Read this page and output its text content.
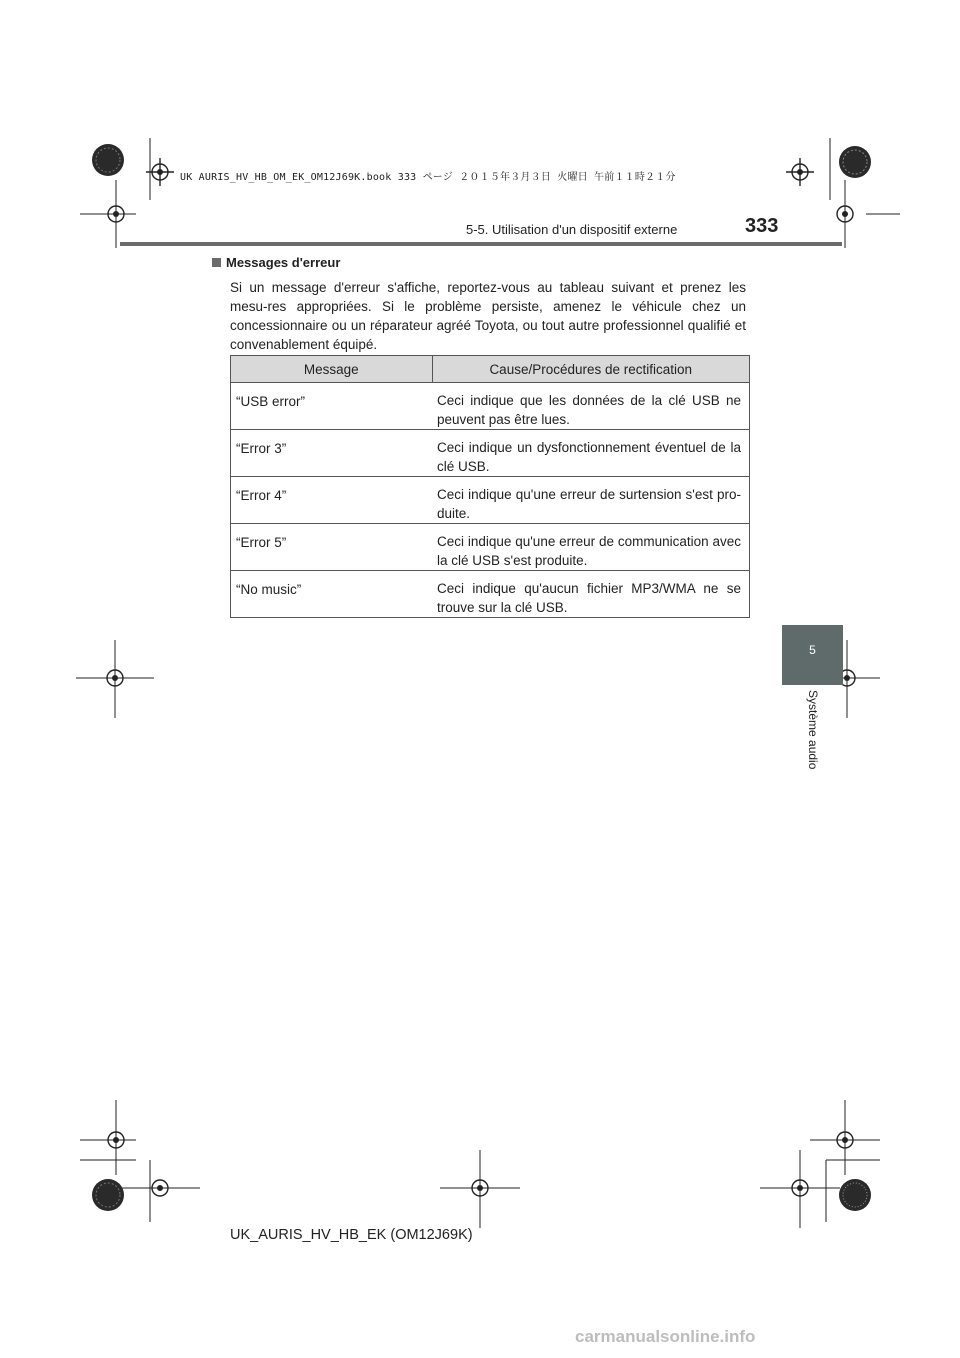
UK AURIS_HV_HB_OM_EK_OM12J69K.book 333 ページ ２０１５年３月３日 火曜日 午前１１時２１分
5-5. Utilisation d'un dispositif externe	333
5
Système audio
Messages d'erreur
Si un message d'erreur s'affiche, reportez-vous au tableau suivant et prenez les mesu-res appropriées. Si le problème persiste, amenez le véhicule chez un concessionnaire ou un réparateur agréé Toyota, ou tout autre professionnel qualifié et convenablement équipé.
Message	Cause/Procédures de rectification
“USB error”	Ceci indique que les données de la clé USB ne peuvent pas être lues.
“Error 3”	Ceci indique un dysfonctionnement éventuel de la clé USB.
“Error 4”	Ceci indique qu'une erreur de surtension s'est pro-duite.
“Error 5”	Ceci indique qu'une erreur de communication avec la clé USB s'est produite.
“No music”	Ceci indique qu'aucun fichier MP3/WMA ne se trouve sur la clé USB.
UK_AURIS_HV_HB_EK (OM12J69K)
carmanualsonline.info
